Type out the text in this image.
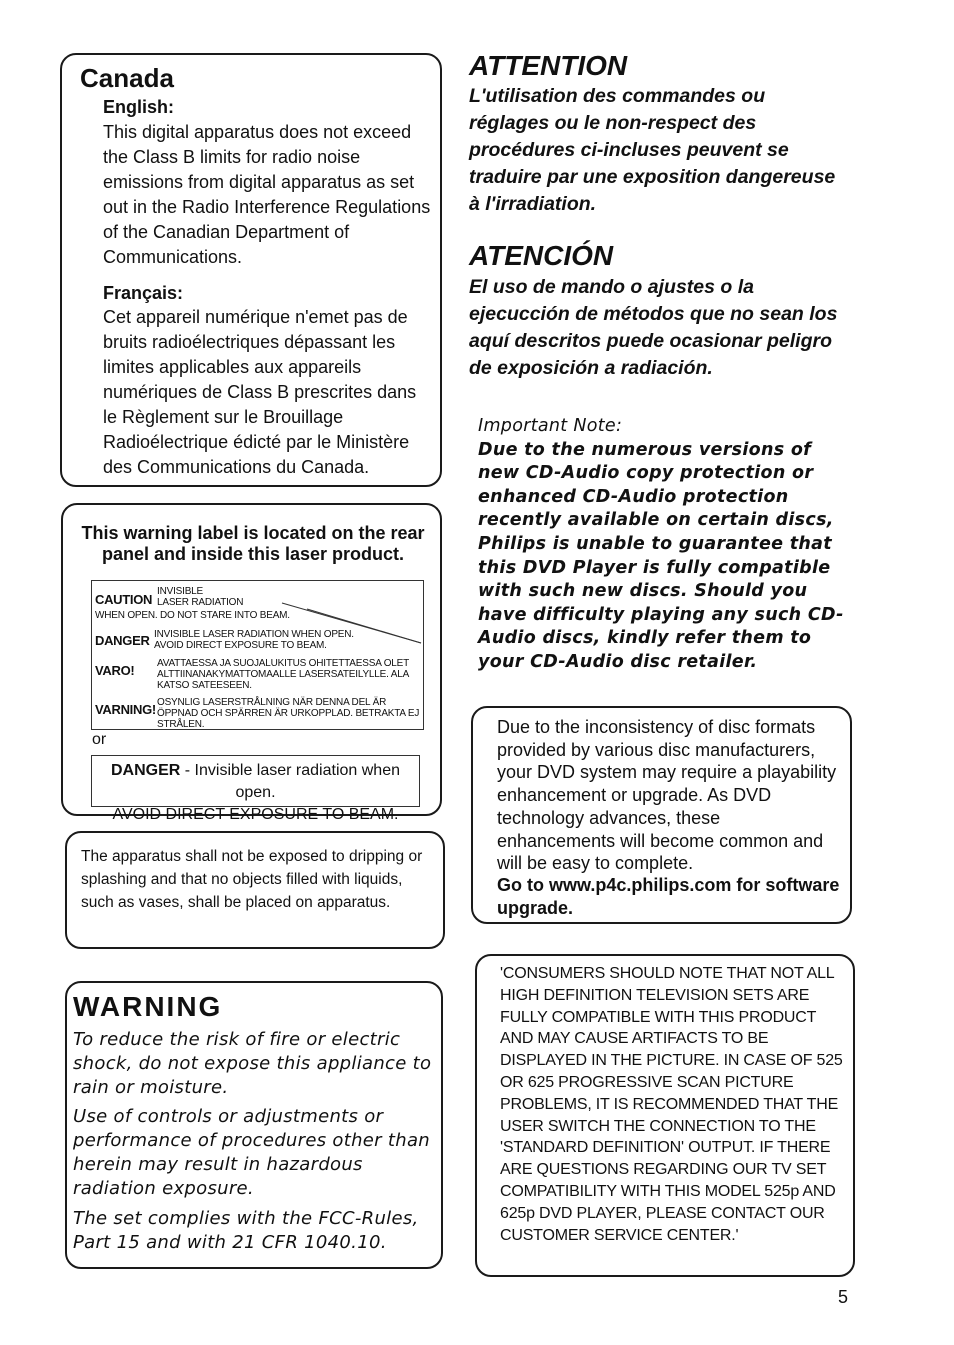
Canada
English:
This digital apparatus does not exceed the Class B limits for radio noise emissions from digital apparatus as set out in the Radio Interference Regulations of the Canadian Department of Communications.
Français:
Cet appareil numérique n'emet pas de bruits radioélectriques dépassant les limites applicables aux appareils numériques de Class B prescrites dans le Règlement sur le Brouillage Radioélectrique édicté par le Ministère des Communications du Canada.
This warning label is located on the rear panel and inside this laser product.
CAUTION
INVISIBLE
LASER RADIATION
WHEN OPEN. DO NOT STARE INTO BEAM.
DANGER INVISIBLE LASER RADIATION WHEN OPEN.
AVOID DIRECT EXPOSURE TO BEAM.
VARO! AVATTAESSA JA SUOJALUKITUS OHITETTAESSA OLET ALTTIINANAKYMATTOMAALLE LASERSATEILYLLE. ALA KATSO SATEESEEN.
VARNING! OSYNLIG LASERSTRÅLNING NÄR DENNA DEL ÄR ÖPPNAD OCH SPÄRREN ÄR URKOPPLAD. BETRAKTA EJ STRÅLEN.
or
DANGER - Invisible laser radiation when open.
AVOID DIRECT EXPOSURE TO BEAM.
The apparatus shall not be exposed to dripping or splashing and that no objects filled with liquids, such as vases, shall be placed on apparatus.
WARNING
To reduce the risk of fire or electric shock, do not expose this appliance to rain or moisture.
Use of controls or adjustments or performance of procedures other than herein may result in hazardous radiation exposure.
The set complies with the FCC-Rules, Part 15 and with 21 CFR 1040.10.
ATTENTION
L'utilisation des commandes ou réglages ou le non-respect des procédures ci-incluses peuvent se traduire par une exposition dangereuse à l'irradiation.
ATENCIÓN
El uso de mando o ajustes o la ejecucción de métodos que no sean los aquí descritos puede ocasionar peligro de exposición a radiación.
Important Note:
Due to the numerous versions of new CD-Audio copy protection or enhanced CD-Audio protection recently available on certain discs, Philips is unable to guarantee that this DVD Player is fully compatible with such new discs. Should you have difficulty playing any such CD-Audio discs, kindly refer them to your CD-Audio disc retailer.
Due to the inconsistency of disc formats provided by various disc manufacturers, your DVD system may require a playability enhancement or upgrade. As DVD technology advances, these enhancements will become common and will be easy to complete.
Go to www.p4c.philips.com for software upgrade.
'CONSUMERS SHOULD NOTE THAT NOT ALL HIGH DEFINITION TELEVISION SETS ARE FULLY COMPATIBLE WITH THIS PRODUCT AND MAY CAUSE ARTIFACTS TO BE DISPLAYED IN THE PICTURE. IN CASE OF 525 OR 625 PROGRESSIVE SCAN PICTURE PROBLEMS, IT IS RECOMMENDED THAT THE USER SWITCH THE CONNECTION TO THE 'STANDARD DEFINITION' OUTPUT. IF THERE ARE QUESTIONS REGARDING OUR TV SET COMPATIBILITY WITH THIS MODEL 525p AND 625p DVD PLAYER, PLEASE CONTACT OUR CUSTOMER SERVICE CENTER.'
5
